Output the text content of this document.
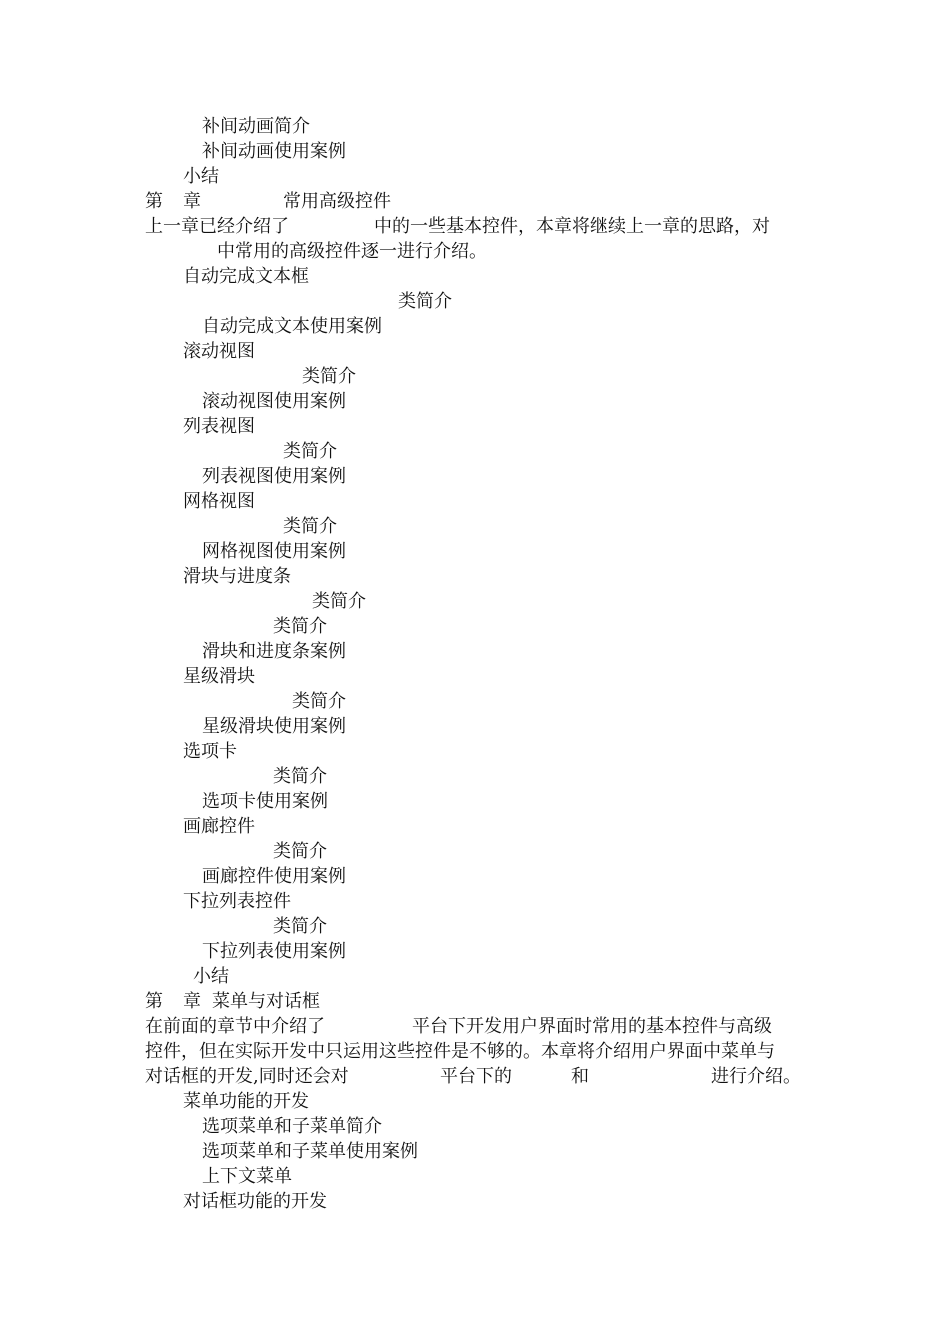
补间动画简介
补间动画使用案例
小结

第

章

	常用高级控件

上一章已经介绍了

	中的一些基本控件，本章将继续上一章的思路，对

中常用的高级控件逐一进行介绍。
自动完成文本框
类简介
自动完成文本使用案例
滚动视图
类简介
滚动视图使用案例
列表视图
类简介
列表视图使用案例
网格视图
类简介
网格视图使用案例
滑块与进度条
类简介
类简介
滑块和进度条案例
星级滑块
类简介
星级滑块使用案例
选项卡
类简介
选项卡使用案例
画廊控件
类简介
画廊控件使用案例
下拉列表控件
类简介
下拉列表使用案例
小结

第

章

菜单与对话框

在前面的章节中介绍了

	平台下开发用户界面时常用的基本控件与高级

控件，但在实际开发中只运用这些控件是不够的。本章将介绍用户界面中菜单与

对话框的开发,同时还会对

	平台下的

	和

	进行介绍。

菜单功能的开发
选项菜单和子菜单简介
选项菜单和子菜单使用案例
上下文菜单
对话框功能的开发
